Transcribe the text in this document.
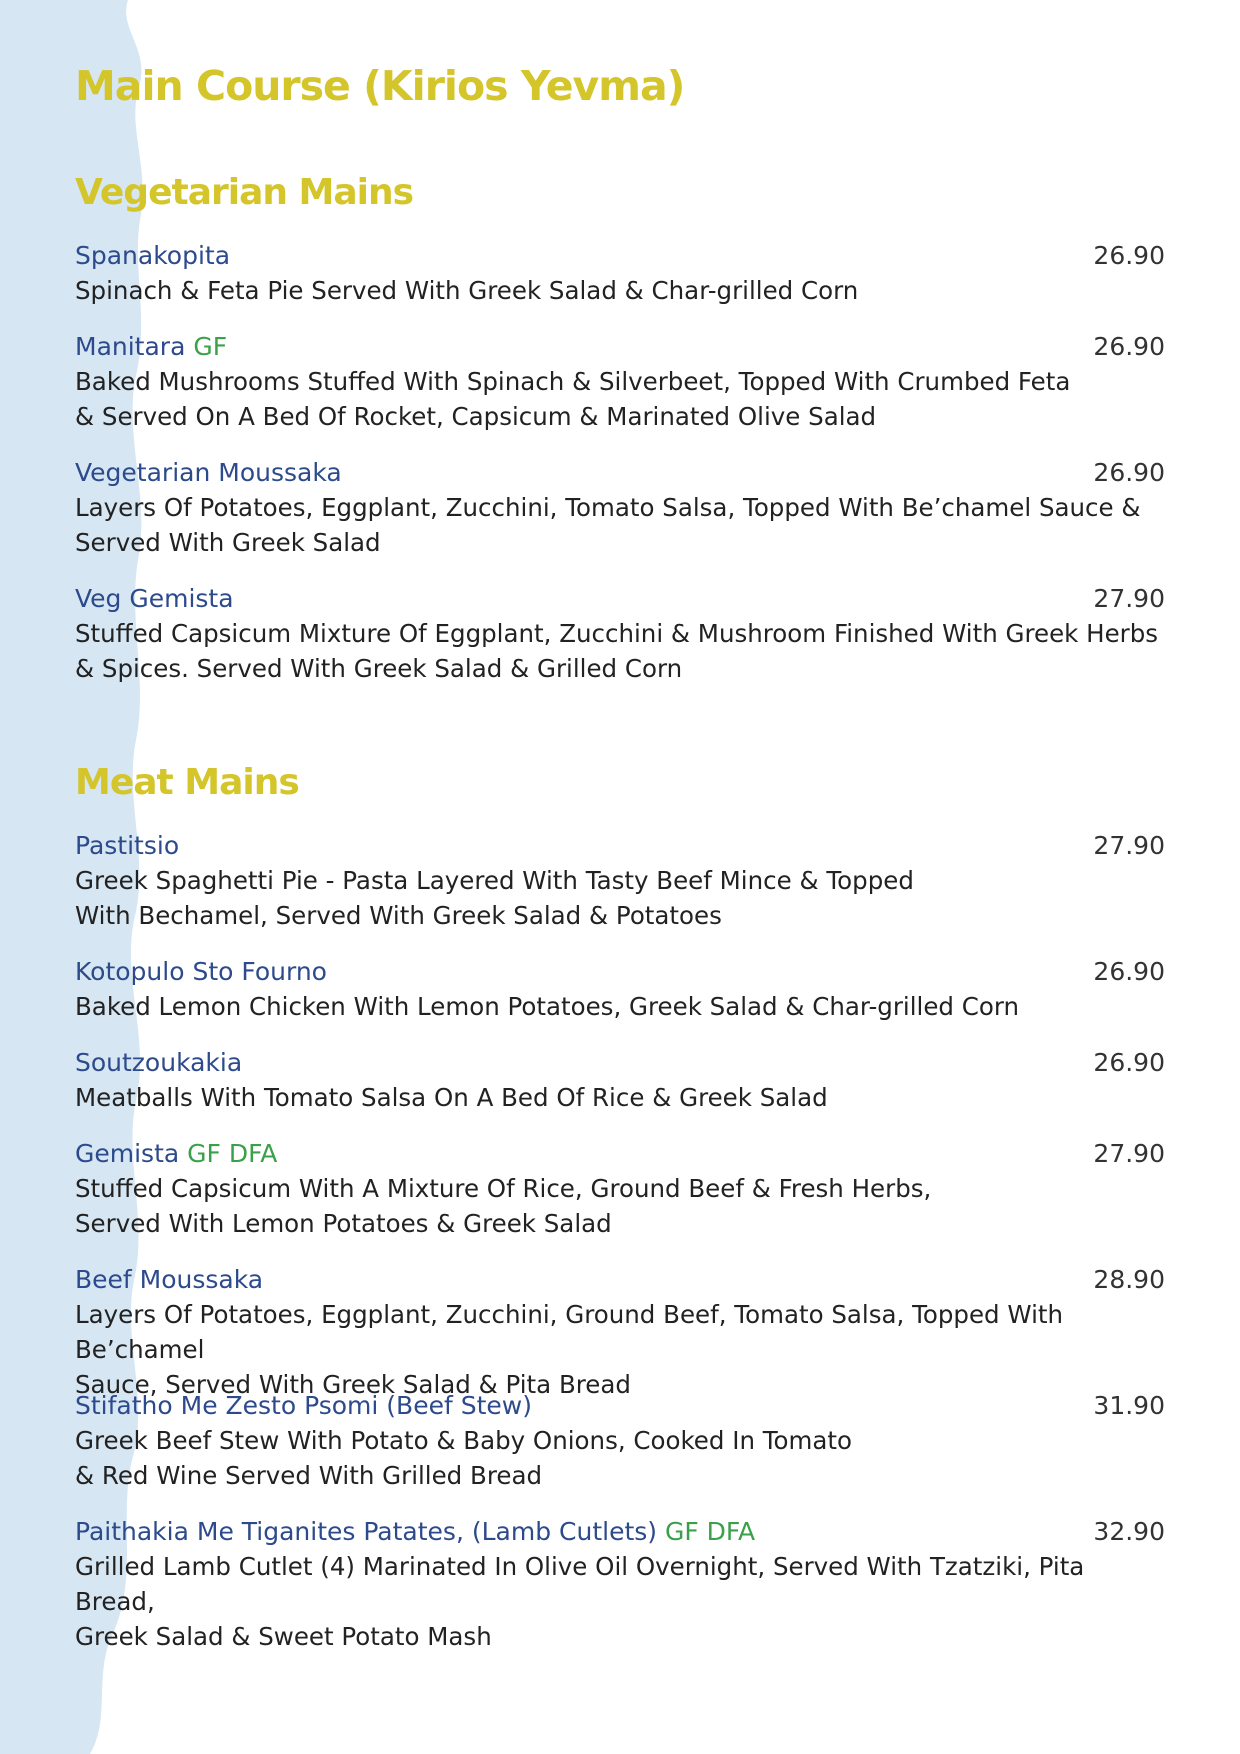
Main Course (Kirios Yevma)
Vegetarian Mains
Spanakopita	26.90

Spinach & Feta Pie Served With Greek Salad & Char-grilled Corn

Manitara GF	26.90

Baked Mushrooms Stuffed With Spinach & Silverbeet, Topped With Crumbed Feta
& Served On A Bed Of Rocket, Capsicum & Marinated Olive Salad

Vegetarian Moussaka	26.90

Layers Of Potatoes, Eggplant, Zucchini, Tomato Salsa, Topped With Be’chamel Sauce &
Served With Greek Salad

Veg Gemista	27.90

Stuffed Capsicum Mixture Of Eggplant, Zucchini & Mushroom Finished With Greek Herbs
& Spices. Served With Greek Salad & Grilled Corn

Meat Mains
Pastitsio	27.90

Greek Spaghetti Pie - Pasta Layered With Tasty Beef Mince & Topped
With Bechamel, Served With Greek Salad & Potatoes

Kotopulo Sto Fourno	26.90

Baked Lemon Chicken With Lemon Potatoes, Greek Salad & Char-grilled Corn

Soutzoukakia	26.90

Meatballs With Tomato Salsa On A Bed Of Rice & Greek Salad

Gemista GF DFA	27.90

Stuffed Capsicum With A Mixture Of Rice, Ground Beef & Fresh Herbs,
Served With Lemon Potatoes & Greek Salad

Beef Moussaka	28.90

Layers Of Potatoes, Eggplant, Zucchini, Ground Beef, Tomato Salsa, Topped With Be’chamel
Sauce, Served With Greek Salad & Pita Bread

Stifatho Me Zesto Psomi (Beef Stew)	31.90

Greek Beef Stew With Potato & Baby Onions, Cooked In Tomato
& Red Wine Served With Grilled Bread

Paithakia Me Tiganites Patates, (Lamb Cutlets) GF DFA	32.90

Grilled Lamb Cutlet (4) Marinated In Olive Oil Overnight, Served With Tzatziki, Pita Bread,
Greek Salad & Sweet Potato Mash
